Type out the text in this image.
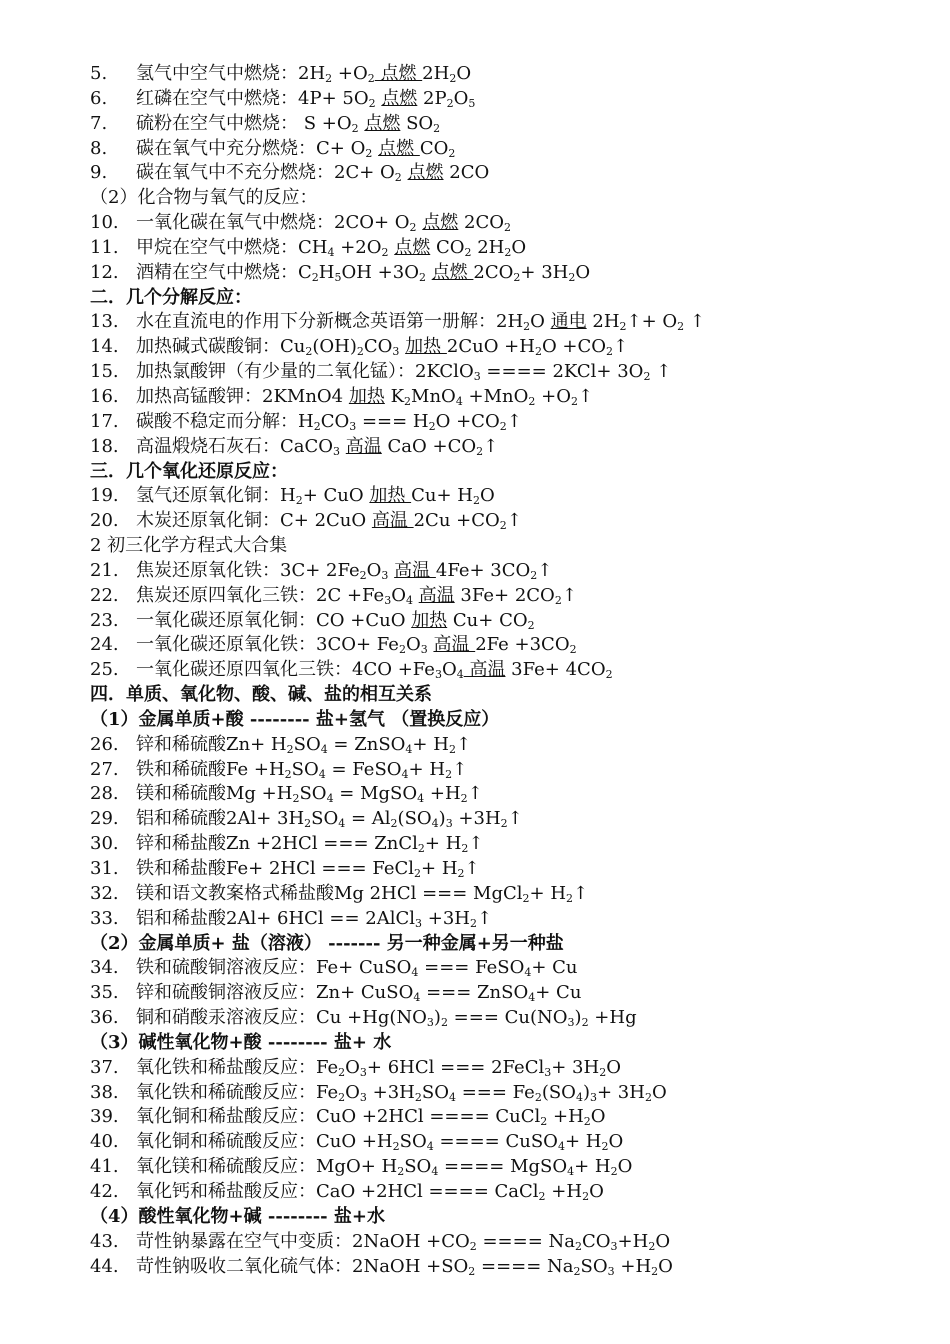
5. 氢气中空气中燃烧：$2H_2 +O_2$ 点燃 $2H_2O$
6. 红磷在空气中燃烧：$4P+ 5O_2$ 点燃 $2P_2O_5$
7. 硫粉在空气中燃烧： $S +O_2$ 点燃 $SO_2$
8. 碳在氧气中充分燃烧：$C+ O_2$ 点燃 $CO_2$
9. 碳在氧气中不充分燃烧：$2C+ O_2$ 点燃 2CO
（2）化合物与氧气的反应：
10. 一氧化碳在氧气中燃烧：$2CO+ O_2$ 点燃 $2CO_2$
11. 甲烷在空气中燃烧：$CH_4 +2O_2$ 点燃 $CO_2$ $2H_2O$
12. 酒精在空气中燃烧：$C_2H_5OH +3O_2$ 点燃 $2CO_2+ 3H_2O$
二．几个分解反应：
13. 水在直流电的作用下分新概念英语第一册解：$2H_2O$ 通电 $2H_2↑+ O_2$ ↑
14. 加热碱式碳酸铜：$Cu_2(OH)_2CO_3$ 加热 $2CuO +H_2O$ $+CO_2↑$
15. 加热氯酸钾（有少量的二氧化锰）：2KClO$_3$ ==== $2KCl+ 3O_2$ ↑
16. 加热高锰酸钾：2KMnO4 加热 $K_2MnO_4 +MnO_2$ $+O_2↑$
17. 碳酸不稳定而分解：$H_2CO_3$ === $H_2O$ $+CO_2↑$
18. 高温煅烧石灰石：CaCO$_3$ 高温 CaO $+CO_2↑$
三．几个氧化还原反应：
19. 氢气还原氧化铜：$H_2+$ CuO 加热 $Cu+ H_2O$
20. 木炭还原氧化铜：C+ 2CuO 高温 $2Cu +CO_2↑$
2 初三化学方程式大合集
21. 焦炭还原氧化铁：$3C+ 2Fe_2O_3$ 高温 $4Fe+ 3CO_2↑$
22. 焦炭还原四氧化三铁：$2C +Fe_3O_4$ 高温 $3Fe+ 2CO_2↑$
23. 一氧化碳还原氧化铜：CO +CuO 加热 $Cu+ CO_2$
24. 一氧化碳还原氧化铁：$3CO+ Fe_2O_3$ 高温 $2Fe +3CO_2$
25. 一氧化碳还原四氧化三铁：$4CO +Fe_3O_4$ 高温 $3Fe+ 4CO_2$
四．单质、氧化物、酸、碱、盐的相互关系
（1）金属单质+酸 -------- 盐+氢气 （置换反应）
26. 锌和稀硫酸$Zn+ H_2SO_4$ = ZnSO$_4$+ $H_2↑$
27. 铁和稀硫酸$Fe +H_2SO_4$ = FeSO$_4$+ $H_2↑$
28. 镁和稀硫酸$Mg +H_2SO_4$ = MgSO$_4$ $+H_2↑$
29. 铝和稀硫酸$2Al+ 3H_2SO_4 = Al_2(SO_4)_3$ $+3H_2↑$
30. 锌和稀盐酸Zn +2HCl === ZnCl$_2$+ $H_2↑$
31. 铁和稀盐酸Fe+ 2HCl === FeCl$_2$+ $H_2↑$
32. 镁和语文教案格式稀盐酸Mg 2HCl === MgCl$_2$+ $H_2↑$
33. 铝和稀盐酸2Al+ 6HCl == 2AlCl$_3$ $+3H_2↑$
（2）金属单质+ 盐（溶液） ------- 另一种金属+另一种盐
34. 铁和硫酸铜溶液反应：Fe+ CuSO$_4$ === FeSO$_4$+ Cu
35. 锌和硫酸铜溶液反应：Zn+ CuSO$_4$ === ZnSO$_4$+ Cu
36. 铜和硝酸汞溶液反应：$Cu +Hg(NO_3)_2$ === $Cu(NO_3)_2 +Hg$
（3）碱性氧化物+酸 -------- 盐+ 水
37. 氧化铁和稀盐酸反应：$Fe_2O_3+ 6HCl$ === 2FeCl$_3$+ $3H_2O$
38. 氧化铁和稀硫酸反应：$Fe_2O_3 +3H_2SO_4$ === $Fe_2(SO_4)_3+ 3H_2O$
39. 氧化铜和稀盐酸反应：CuO +2HCl ==== CuCl$_2$ $+H_2O$
40. 氧化铜和稀硫酸反应：CuO $+H_2SO_4$ ==== CuSO$_4$+ $H_2O$
41. 氧化镁和稀硫酸反应：$MgO+ H_2SO_4$ ==== MgSO$_4$+ $H_2O$
42. 氧化钙和稀盐酸反应：CaO +2HCl ==== CaCl$_2$ $+H_2O$
（4）酸性氧化物+碱 -------- 盐+水
43. 苛性钠暴露在空气中变质：2NaOH $+CO_2$ ==== $Na_2CO_3+H_2O$
44. 苛性钠吸收二氧化硫气体：2NaOH $+SO_2$ ==== $Na_2SO_3 +H_2O$
